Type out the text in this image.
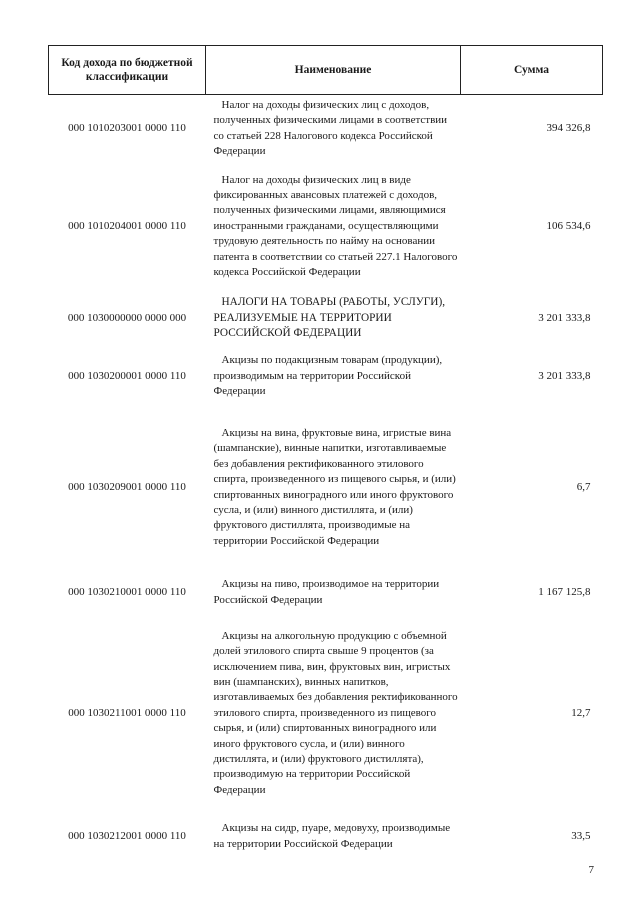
Код дохода по бюджетной классификации	Наименование	Сумма
000 1010203001 0000 110	Налог на доходы физических лиц с доходов, полученных физическими лицами в соответствии со статьей 228 Налогового кодекса Российской Федерации	394 326,8
000 1010204001 0000 110	Налог на доходы физических лиц в виде фиксированных авансовых платежей с доходов, полученных физическими лицами, являющимися иностранными гражданами, осуществляющими трудовую деятельность по найму на основании патента в соответствии со статьей 227.1 Налогового кодекса Российской Федерации	106 534,6
000 1030000000 0000 000	НАЛОГИ НА ТОВАРЫ (РАБОТЫ, УСЛУГИ), РЕАЛИЗУЕМЫЕ НА ТЕРРИТОРИИ РОССИЙСКОЙ ФЕДЕРАЦИИ	3 201 333,8
000 1030200001 0000 110	Акцизы по подакцизным товарам (продукции), производимым на территории Российской Федерации	3 201 333,8
000 1030209001 0000 110	Акцизы на вина, фруктовые вина, игристые вина (шампанские), винные напитки, изготавливаемые без добавления ректификованного этилового спирта, произведенного из пищевого сырья, и (или) спиртованных виноградного или иного фруктового сусла, и (или) винного дистиллята, и (или) фруктового дистиллята, производимые на территории Российской Федерации	6,7
000 1030210001 0000 110	Акцизы на пиво, производимое на территории Российской Федерации	1 167 125,8
000 1030211001 0000 110	Акцизы на алкогольную продукцию с объемной долей этилового спирта свыше 9 процентов (за исключением пива, вин, фруктовых вин, игристых вин (шампанских), винных напитков, изготавливаемых без добавления ректификованного этилового спирта, произведенного из пищевого сырья, и (или) спиртованных виноградного или иного фруктового сусла, и (или) винного дистиллята, и (или) фруктового дистиллята), производимую на территории Российской Федерации	12,7
000 1030212001 0000 110	Акцизы на сидр, пуаре, медовуху, производимые на территории Российской Федерации	33,5
7
